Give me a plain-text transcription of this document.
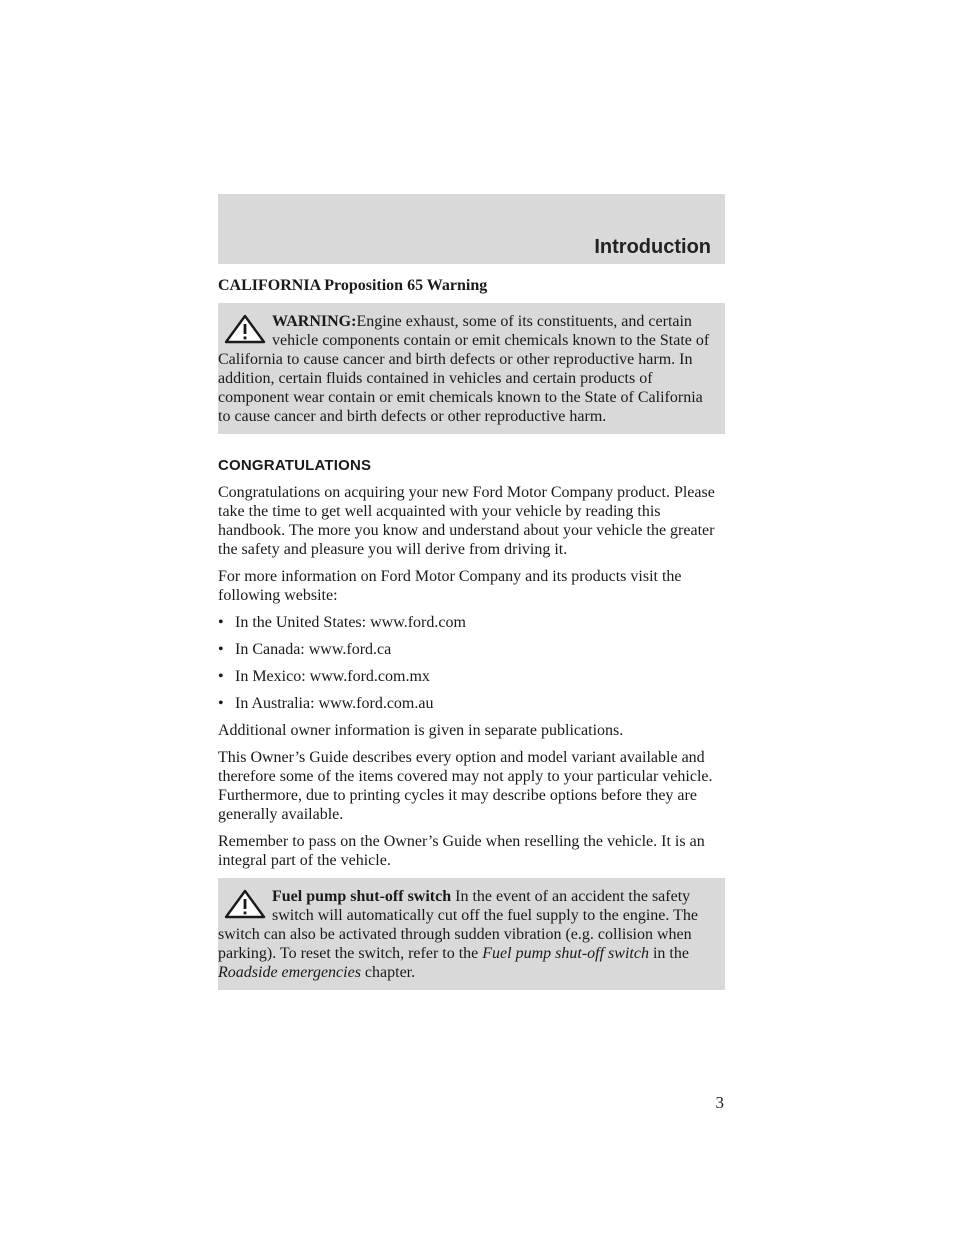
Introduction

CALIFORNIA Proposition 65 Warning

WARNING:Engine exhaust, some of its constituents, and certain vehicle components contain or emit chemicals known to the State of California to cause cancer and birth defects or other reproductive harm. In addition, certain fluids contained in vehicles and certain products of component wear contain or emit chemicals known to the State of California to cause cancer and birth defects or other reproductive harm.

CONGRATULATIONS

Congratulations on acquiring your new Ford Motor Company product. Please take the time to get well acquainted with your vehicle by reading this handbook. The more you know and understand about your vehicle the greater the safety and pleasure you will derive from driving it.

For more information on Ford Motor Company and its products visit the following website:

• In the United States: www.ford.com
• In Canada: www.ford.ca
• In Mexico: www.ford.com.mx
• In Australia: www.ford.com.au

Additional owner information is given in separate publications.

This Owner’s Guide describes every option and model variant available and therefore some of the items covered may not apply to your particular vehicle. Furthermore, due to printing cycles it may describe options before they are generally available.

Remember to pass on the Owner’s Guide when reselling the vehicle. It is an integral part of the vehicle.

Fuel pump shut-off switch In the event of an accident the safety switch will automatically cut off the fuel supply to the engine. The switch can also be activated through sudden vibration (e.g. collision when parking). To reset the switch, refer to the Fuel pump shut-off switch in the Roadside emergencies chapter.

3
